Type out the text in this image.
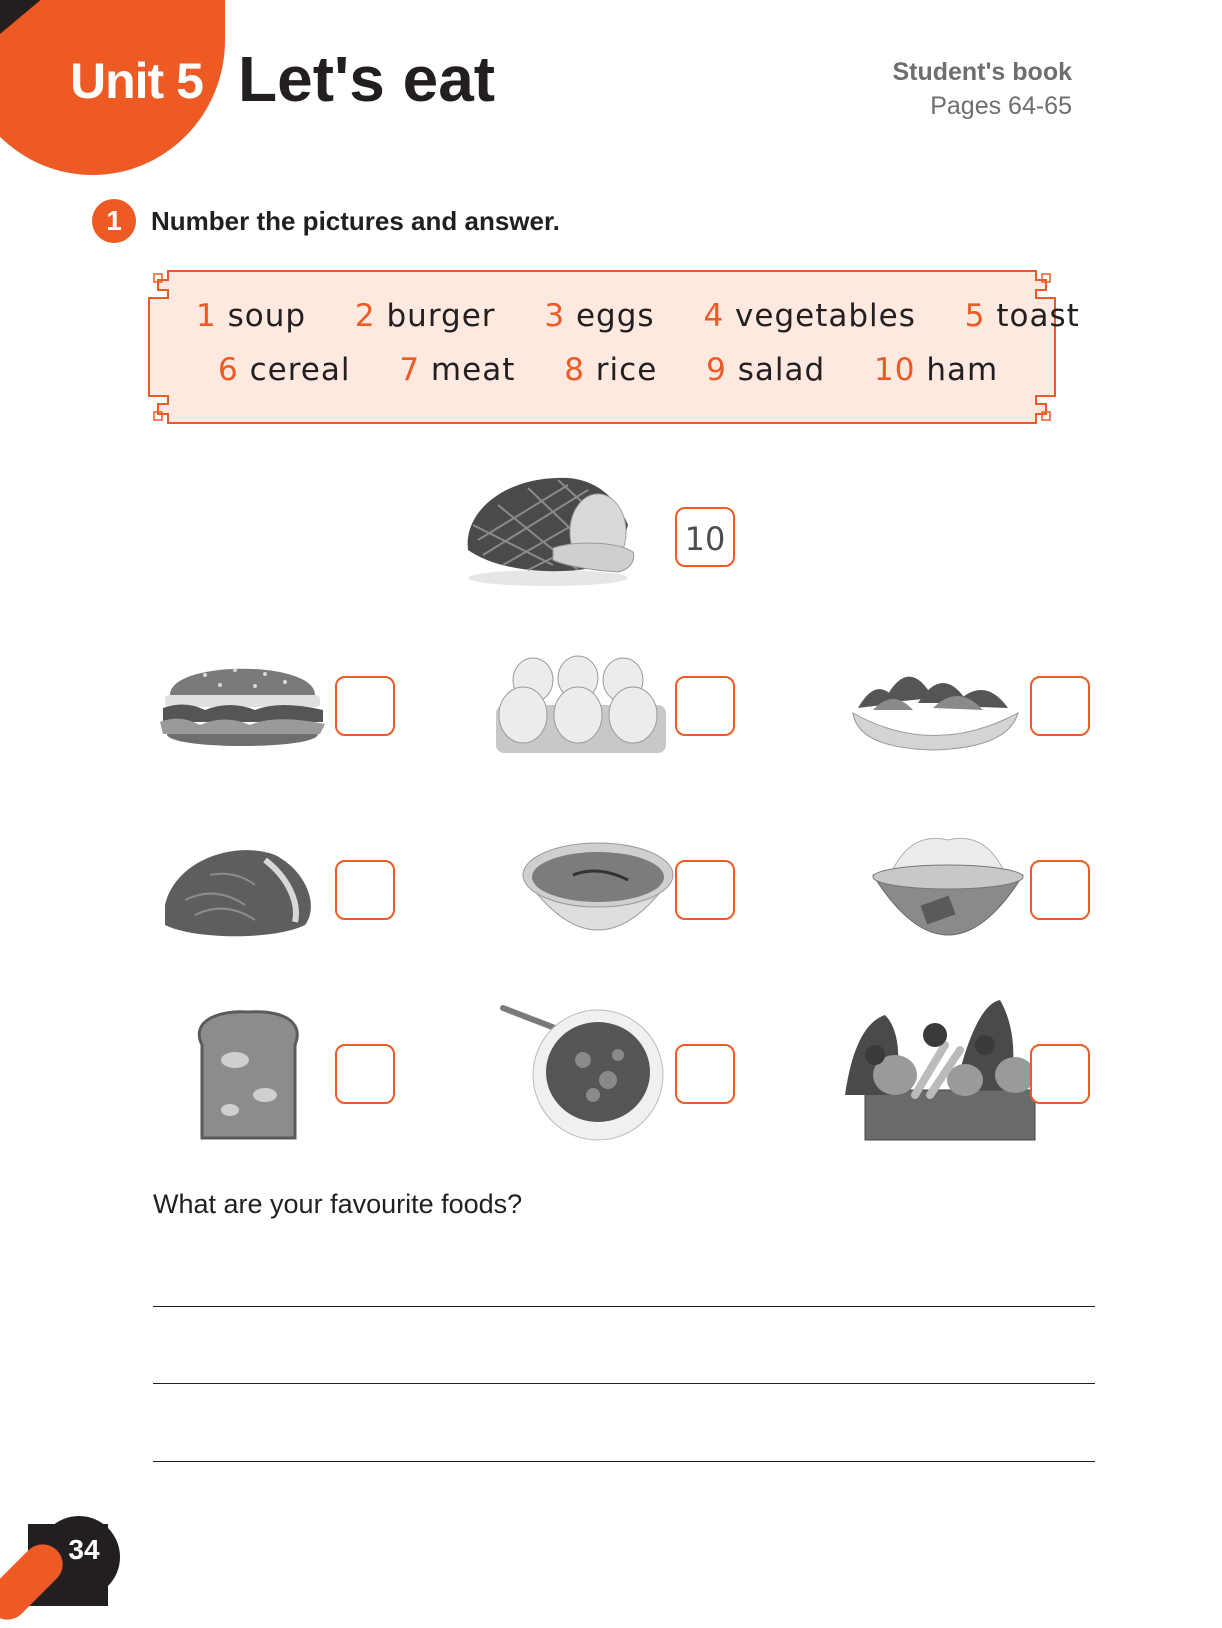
Unit 5 Let's eat	Student's book
Pages 64-65
1	Number the pictures and answer.
1 soup 2 burger 3 eggs 4 vegetables 5 toast
6 cereal 7 meat 8 rice 9 salad 10 ham
10
What are your favourite foods?
34
